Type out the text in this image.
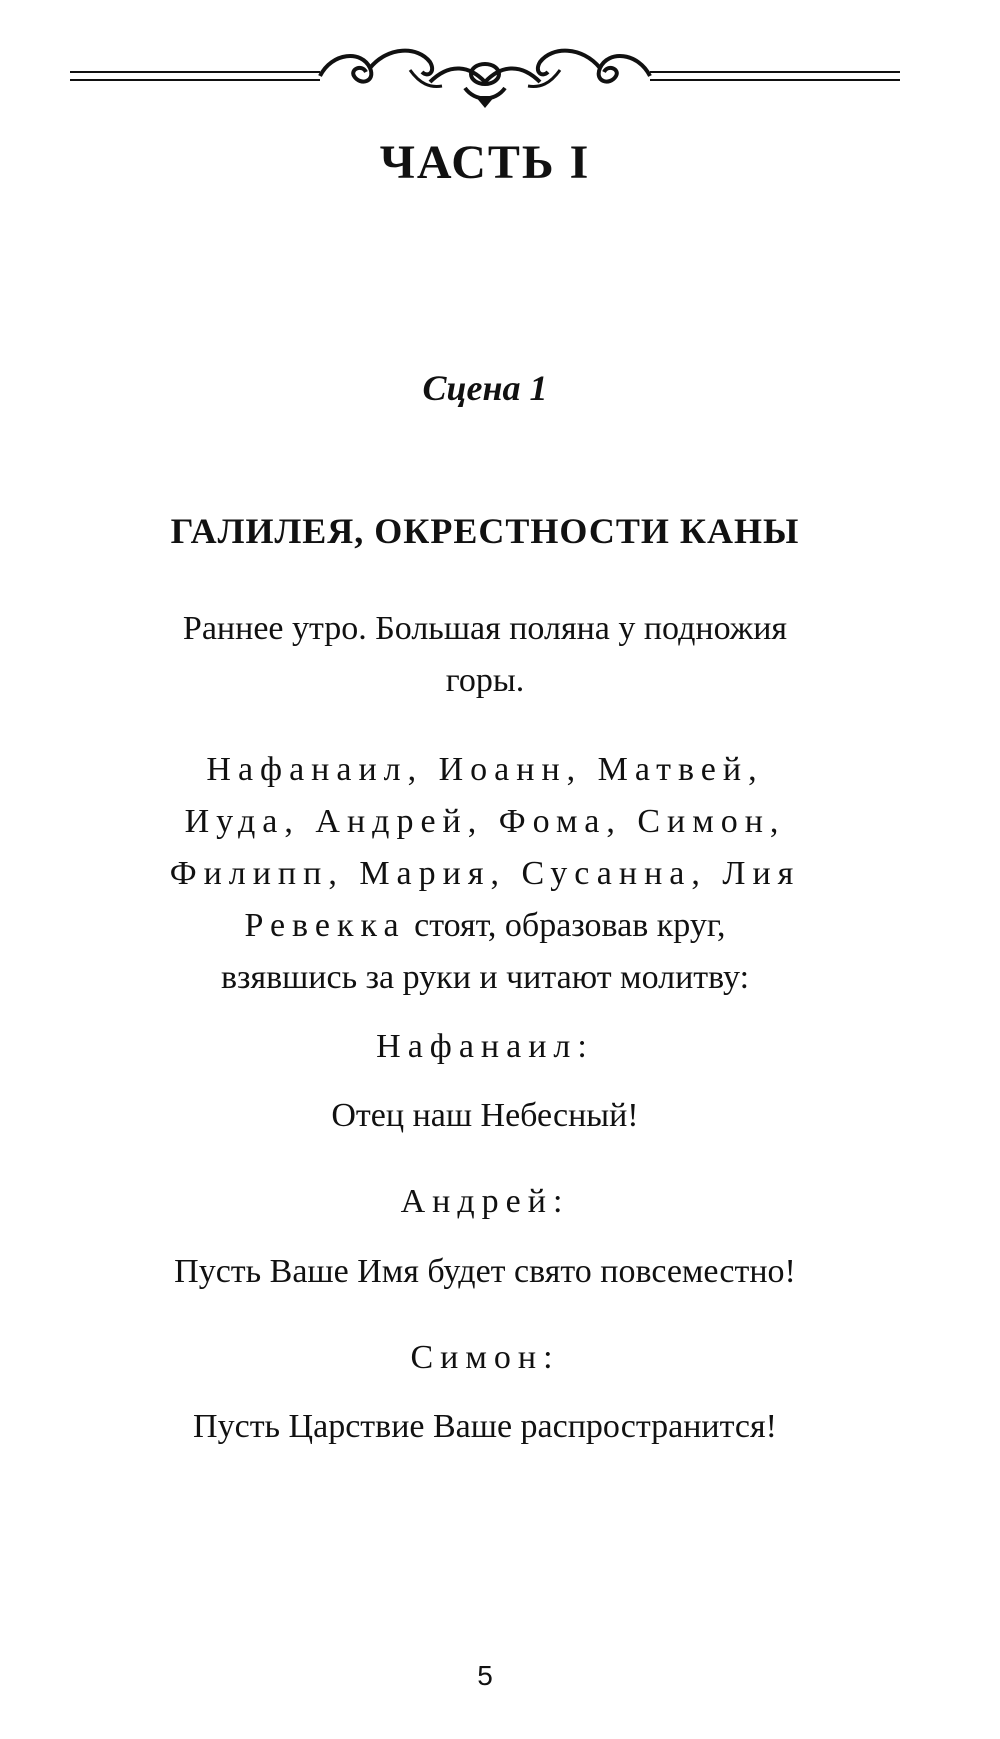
ЧАСТЬ I
Сцена 1
ГАЛИЛЕЯ, ОКРЕСТНОСТИ КАНЫ
Раннее утро. Большая поляна у подножия
горы.
Нафанаил, Иоанн, Матвей,
Иуда, Андрей, Фома, Симон,
Филипп, Мария, Сусанна, Лия
Ревекка стоят, образовав круг,
взявшись за руки и читают молитву:
Нафанаил:
Отец наш Небесный!
Андрей:
Пусть Ваше Имя будет свято повсеместно!
Симон:
Пусть Царствие Ваше распространится!
5
